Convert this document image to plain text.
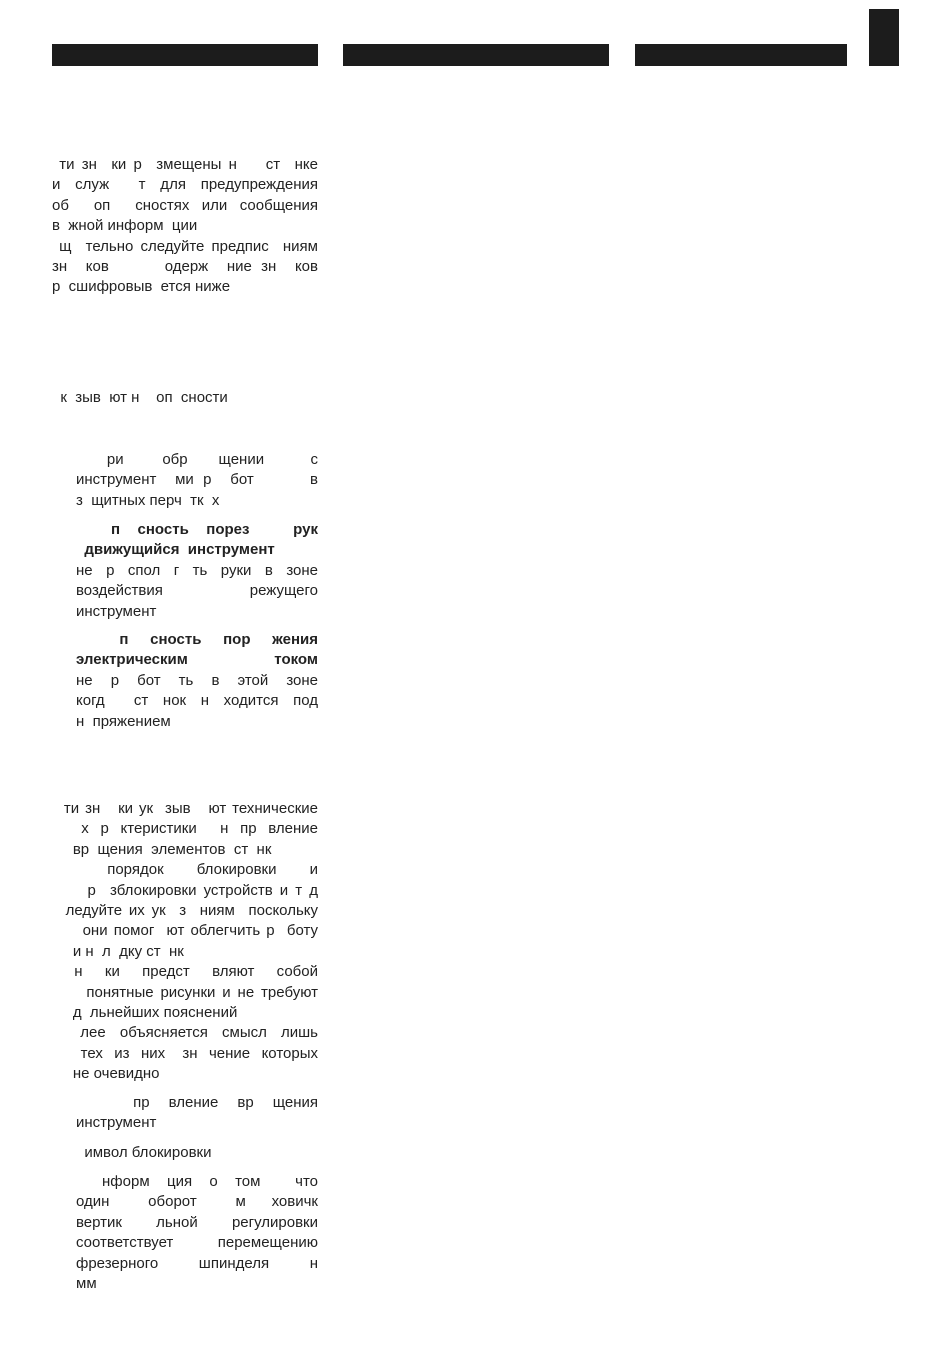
ти зн  ки р  змещены н    ст  нке
и служ  т для предупреждения
об  оп  сностях или сообщения
в  жной информ  ции
щ  тельно следуйте предпис  ниям
зн  ков      одерж  ние зн  ков
р  сшифровыв  ется ниже
к  зыв  ют н    оп  сности
ри     обр    щении      с
инструмент  ми р  бот      в
з  щитных перч  тк  х
п  сность  порез     рук
движущийся  инструмент
не  р  спол  г  ть  руки  в  зоне
воздействия    режущего
инструмент
п  сность  пор  жения
электрическим    током
не  р  бот  ть  в  этой  зоне
когд    ст  нок  н  ходится  под
н  пряжением
ти зн   ки ук  зыв   ют технические
х  р  ктеристики    н  пр  вление
вр  щения  элементов  ст  нк
порядок   блокировки   и
р  зблокировки устройств и т д
ледуйте их ук  з  ниям  поскольку
они помог  ют облегчить р  боту
и н  л  дку ст  нк
н  ки  предст  вляют  собой
понятные рисунки и не требуют
д  льнейших пояснений
лее  объясняется  смысл  лишь
тех  из  них   зн  чение  которых
не очевидно
пр  вление  вр  щения
инструмент
имвол блокировки
нформ  ция  о  том    что
один   оборот   м  ховичк
вертик  льной  регулировки
соответствует  перемещению
фрезерного  шпинделя  н
мм
